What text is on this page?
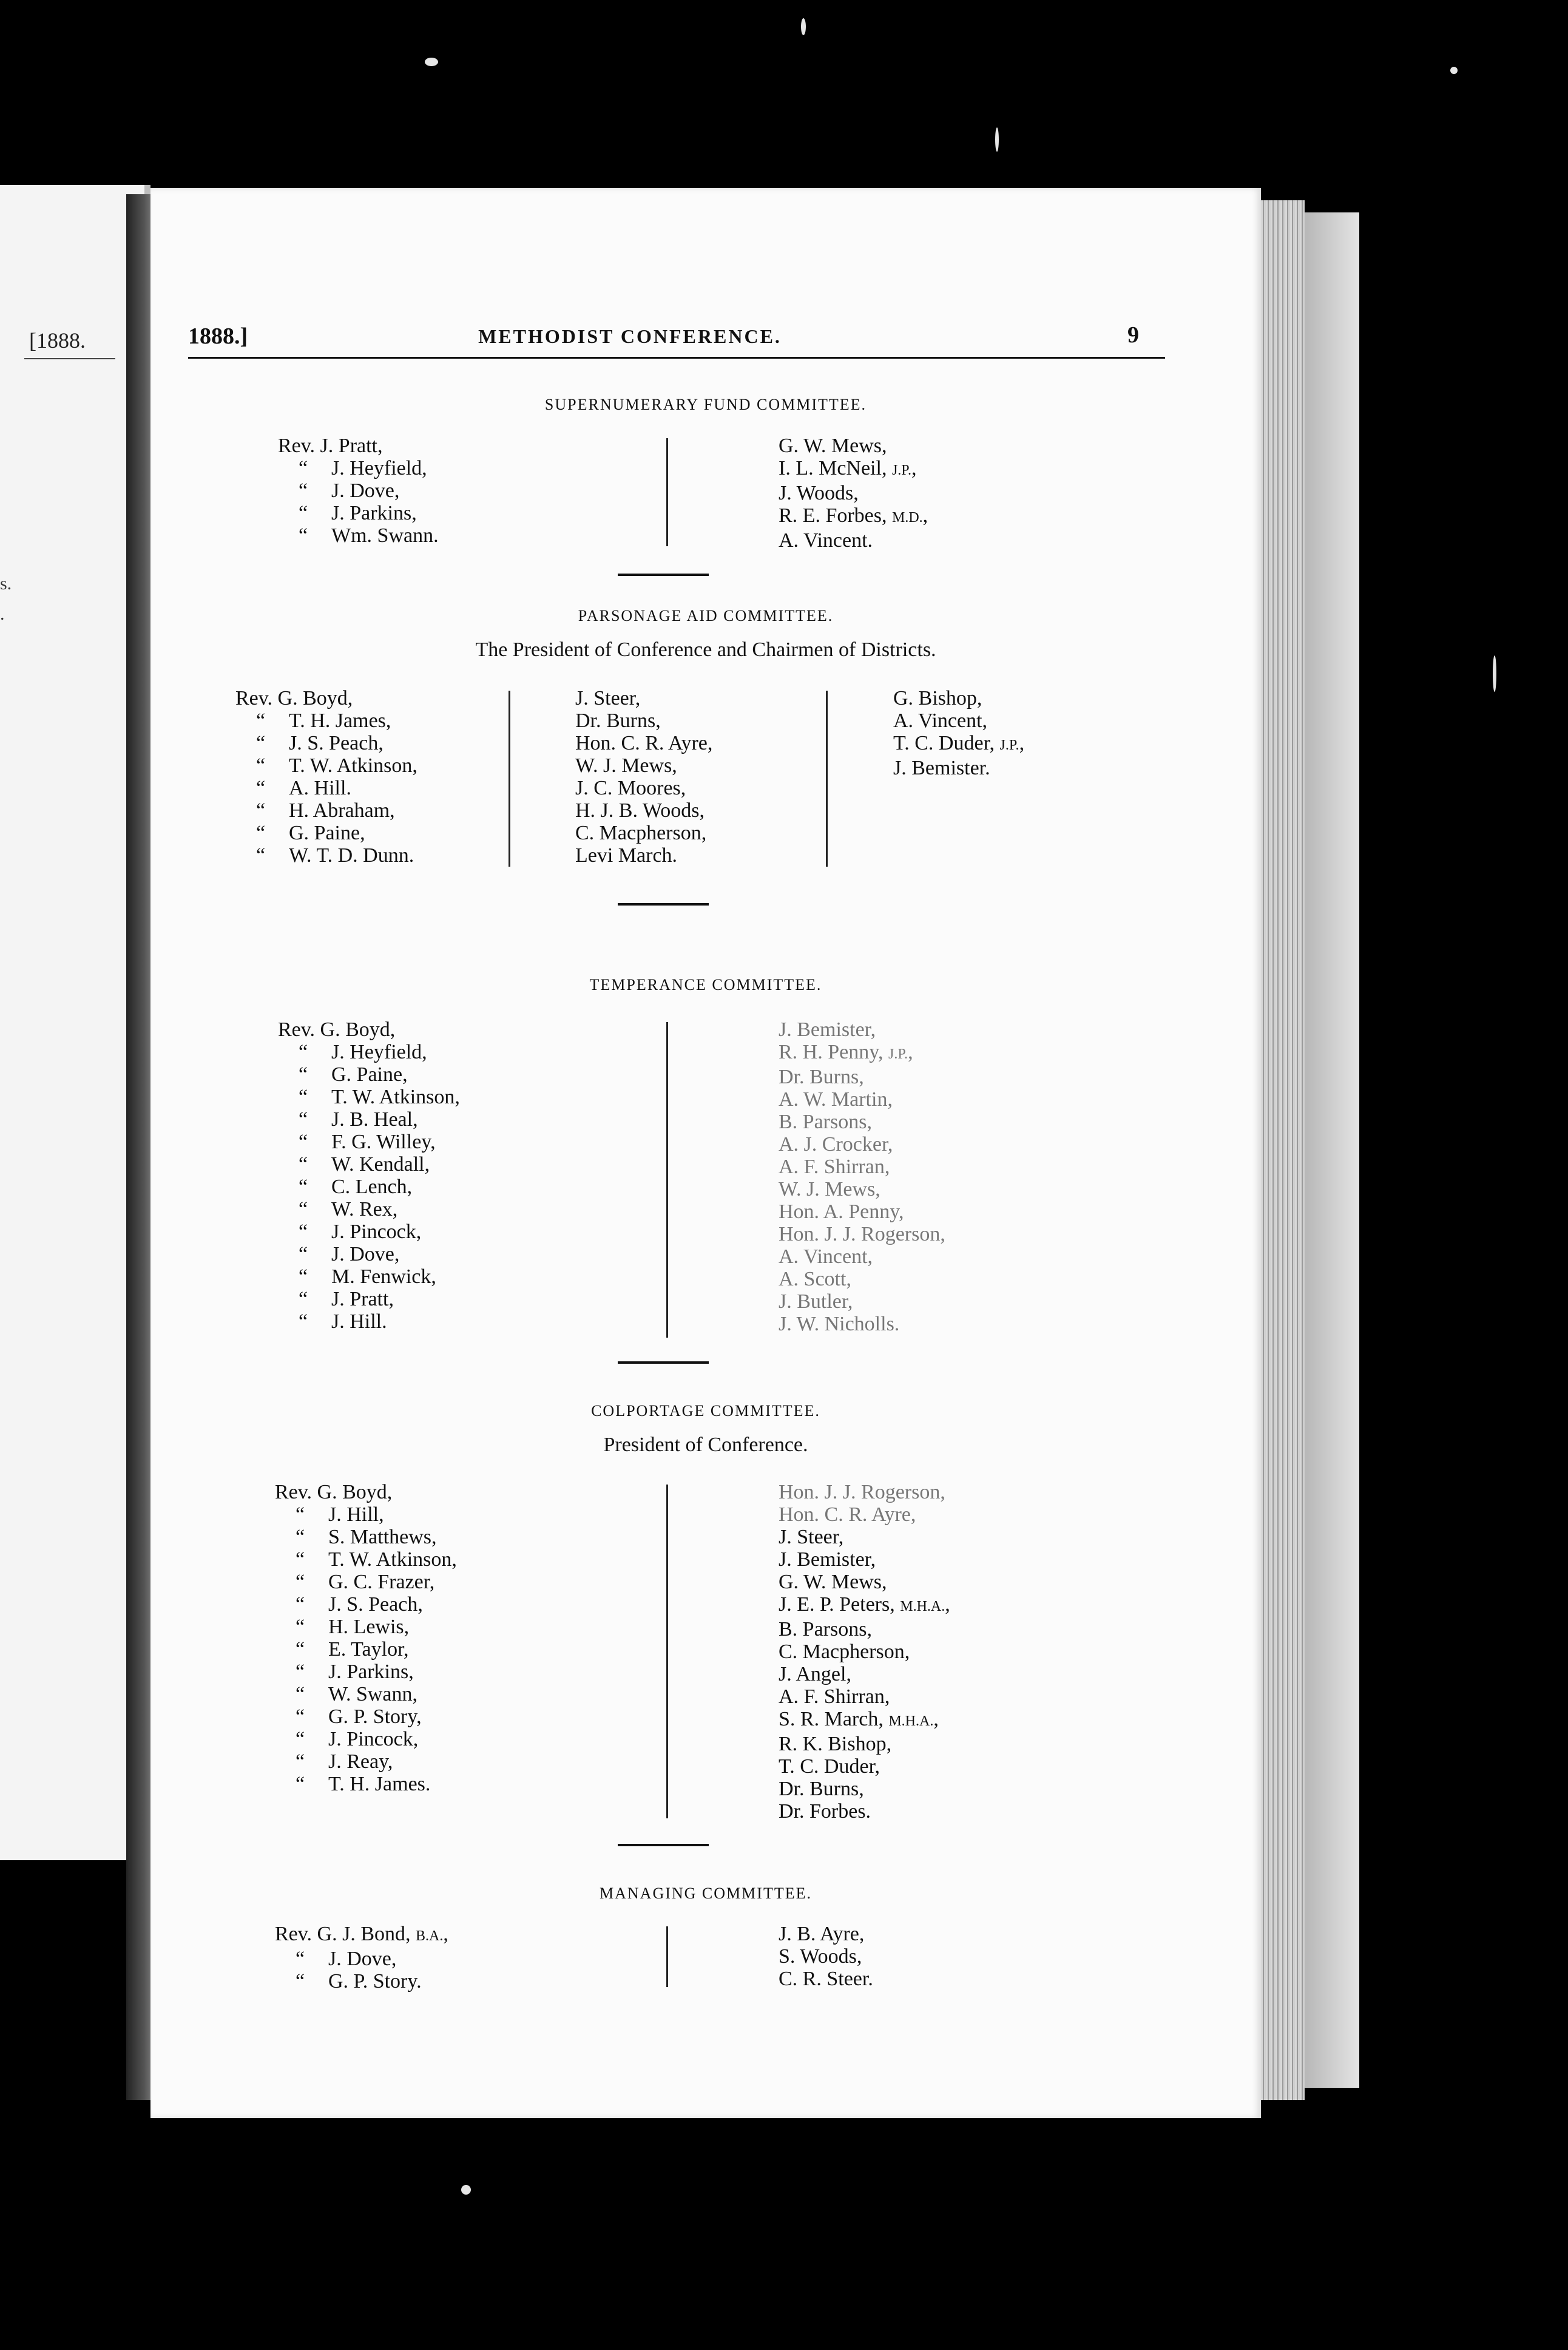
[1888.
s.
.
1888.]	METHODIST CONFERENCE.	9
SUPERNUMERARY FUND COMMITTEE.
Rev. J. Pratt,
“ J. Heyfield,
“ J. Dove,
“ J. Parkins,
“ Wm. Swann.
G. W. Mews,
I. L. McNeil, J.P.,
J. Woods,
R. E. Forbes, M.D.,
A. Vincent.
PARSONAGE AID COMMITTEE.
The President of Conference and Chairmen of Districts.
Rev. G. Boyd,
“ T. H. James,
“ J. S. Peach,
“ T. W. Atkinson,
“ A. Hill.
“ H. Abraham,
“ G. Paine,
“ W. T. D. Dunn.
J. Steer,
Dr. Burns,
Hon. C. R. Ayre,
W. J. Mews,
J. C. Moores,
H. J. B. Woods,
C. Macpherson,
Levi March.
G. Bishop,
A. Vincent,
T. C. Duder, J.P.,
J. Bemister.
TEMPERANCE COMMITTEE.
Rev. G. Boyd,
“ J. Heyfield,
“ G. Paine,
“ T. W. Atkinson,
“ J. B. Heal,
“ F. G. Willey,
“ W. Kendall,
“ C. Lench,
“ W. Rex,
“ J. Pincock,
“ J. Dove,
“ M. Fenwick,
“ J. Pratt,
“ J. Hill.
J. Bemister,
R. H. Penny, J.P.,
Dr. Burns,
A. W. Martin,
B. Parsons,
A. J. Crocker,
A. F. Shirran,
W. J. Mews,
Hon. A. Penny,
Hon. J. J. Rogerson,
A. Vincent,
A. Scott,
J. Butler,
J. W. Nicholls.
COLPORTAGE COMMITTEE.
President of Conference.
Rev. G. Boyd,
“ J. Hill,
“ S. Matthews,
“ T. W. Atkinson,
“ G. C. Frazer,
“ J. S. Peach,
“ H. Lewis,
“ E. Taylor,
“ J. Parkins,
“ W. Swann,
“ G. P. Story,
“ J. Pincock,
“ J. Reay,
“ T. H. James.
Hon. J. J. Rogerson,
Hon. C. R. Ayre,
J. Steer,
J. Bemister,
G. W. Mews,
J. E. P. Peters, M.H.A.,
B. Parsons,
C. Macpherson,
J. Angel,
A. F. Shirran,
S. R. March, M.H.A.,
R. K. Bishop,
T. C. Duder,
Dr. Burns,
Dr. Forbes.
MANAGING COMMITTEE.
Rev. G. J. Bond, B.A.,
“ J. Dove,
“ G. P. Story.
J. B. Ayre,
S. Woods,
C. R. Steer.
